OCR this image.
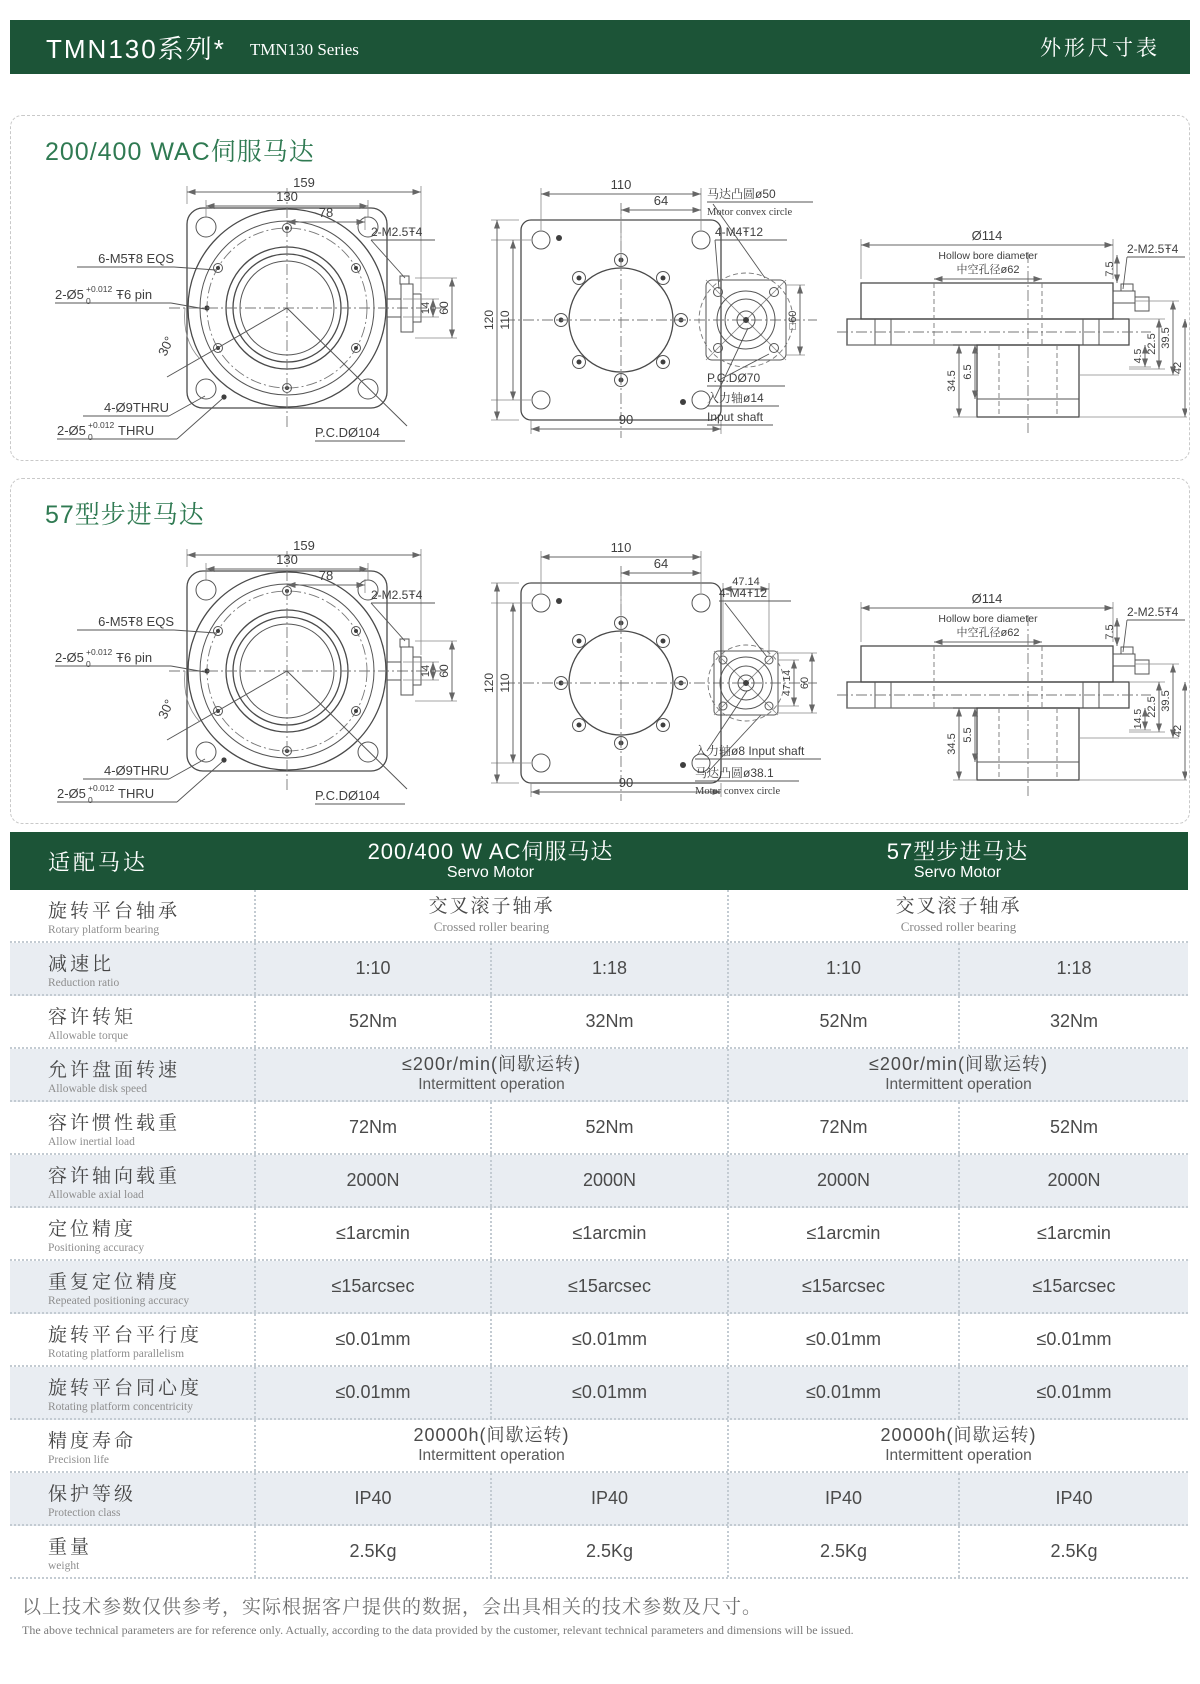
TMN130系列* TMN130 Series	外形尺寸表
200/400 WAC伺服马达
159
130
78
14 60
6-M5Ŧ8 EQS
2-Ø5 +0.012
0 Ŧ6 pin
30°
4-Ø9THRU
2-Ø5 +0.012
0 THRU	P.C.DØ104
2-M2.5Ŧ4
110
64
120 110
90
□60
马达凸圆ø50
Motor convex circle
4-M4Ŧ12
P.C.DØ70
入力轴ø14
Input shaft
Ø114
Hollow bore diameter
中空孔径ø62	7.5
4.5
22.5 39.5
42
34.5 6.5
2-M2.5Ŧ4
57型步进马达
159
130
78
14 60
6-M5Ŧ8 EQS
2-Ø5 +0.012
0 Ŧ6 pin
30°
4-Ø9THRU
2-Ø5 +0.012
0 THRU	P.C.DØ104
2-M2.5Ŧ4
110
64
47.14
120 110
90
47.14 60
4-M4Ŧ12
入力轴ø8 Input shaft
马达凸圆ø38.1
Motor convex circle
Ø114
Hollow bore diameter
中空孔径ø62	7.5
14.5
22.5 39.5
42
34.5 5.5
2-M2.5Ŧ4
适配马达	200/400 W AC伺服马达
Servo Motor
57型步进马达
Servo Motor
旋转平台轴承
Rotary platform bearing
交叉滚子轴承
Crossed roller bearing
交叉滚子轴承
Crossed roller bearing
减速比
Reduction ratio
1:10	1:18	1:10	1:18
容许转矩
Allowable torque
52Nm	32Nm	52Nm	32Nm
允许盘面转速
Allowable disk speed
≤200r/min(间歇运转)
Intermittent operation
≤200r/min(间歇运转)
Intermittent operation
容许惯性载重
Allow inertial load
72Nm	52Nm	72Nm	52Nm
容许轴向载重
Allowable axial load
2000N	2000N	2000N	2000N
定位精度
Positioning accuracy
≤1arcmin	≤1arcmin	≤1arcmin	≤1arcmin
重复定位精度
Repeated positioning accuracy
≤15arcsec	≤15arcsec	≤15arcsec	≤15arcsec
旋转平台平行度
Rotating platform parallelism
≤0.01mm	≤0.01mm	≤0.01mm	≤0.01mm
旋转平台同心度
Rotating platform concentricity
≤0.01mm	≤0.01mm	≤0.01mm	≤0.01mm
精度寿命
Precision life
20000h(间歇运转)
Intermittent operation
20000h(间歇运转)
Intermittent operation
保护等级
Protection class
IP40	IP40	IP40	IP40
重量
weight
2.5Kg	2.5Kg	2.5Kg	2.5Kg
以上技术参数仅供参考，实际根据客户提供的数据，会出具相关的技术参数及尺寸。
The above technical parameters are for reference only. Actually, according to the data provided by the customer, relevant technical parameters and dimensions will be issued.
